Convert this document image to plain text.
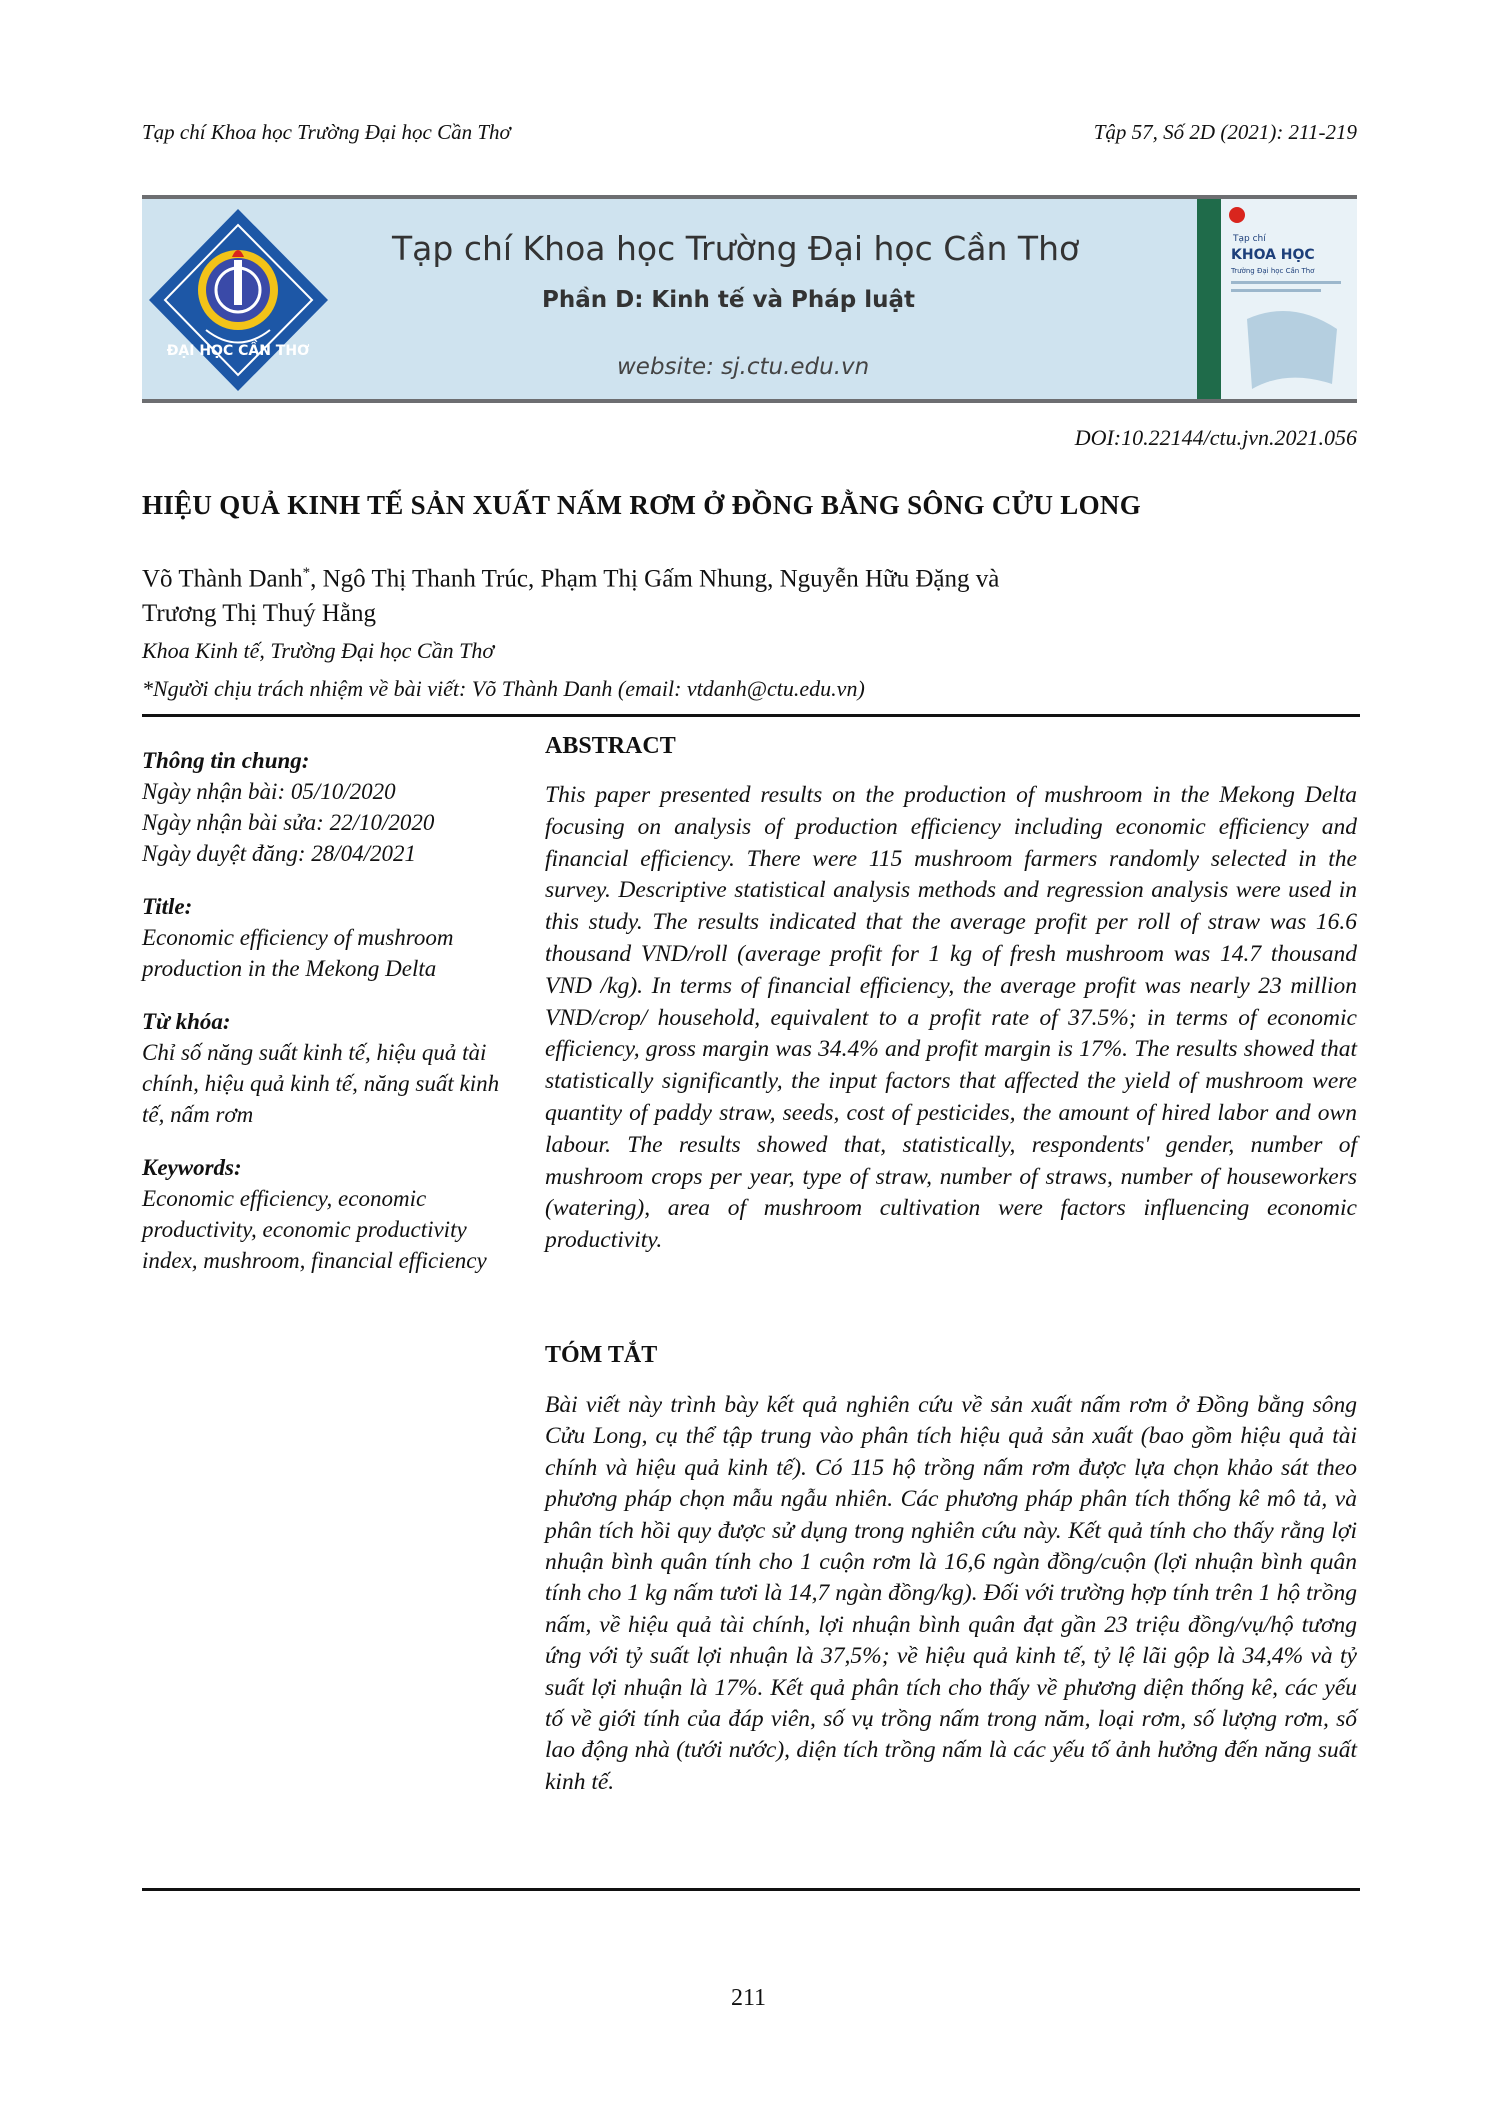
Tạp chí Khoa học Trường Đại học Cần Thơ	Tập 57, Số 2D (2021): 211-219
ĐẠI HỌC CẦN THƠ
Tạp chí Khoa học Trường Đại học Cần Thơ
Phần D: Kinh tế và Pháp luật
website: sj.ctu.edu.vn
Tạp chí
KHOA HỌC
Trường Đại học Cần Thơ
DOI:10.22144/ctu.jvn.2021.056
HIỆU QUẢ KINH TẾ SẢN XUẤT NẤM RƠM Ở ĐỒNG BẰNG SÔNG CỬU LONG
Võ Thành Danh*, Ngô Thị Thanh Trúc, Phạm Thị Gấm Nhung, Nguyễn Hữu Đặng và
Trương Thị Thuý Hằng
Khoa Kinh tế, Trường Đại học Cần Thơ
*Người chịu trách nhiệm về bài viết: Võ Thành Danh (email: vtdanh@ctu.edu.vn)

Thông tin chung:

Ngày nhận bài: 05/10/2020

Ngày nhận bài sửa: 22/10/2020

Ngày duyệt đăng: 28/04/2021

Title:

Economic efficiency of mushroom production in the Mekong Delta

Từ khóa:

Chỉ số năng suất kinh tế, hiệu quả tài chính, hiệu quả kinh tế, năng suất kinh tế, nấm rơm

Keywords:

Economic efficiency, economic productivity, economic productivity index, mushroom, financial efficiency

ABSTRACT
This paper presented results on the production of mushroom in the Mekong Delta focusing on analysis of production efficiency including economic efficiency and financial efficiency. There were 115 mushroom farmers randomly selected in the survey. Descriptive statistical analysis methods and regression analysis were used in this study. The results indicated that the average profit per roll of straw was 16.6 thousand VND/roll (average profit for 1 kg of fresh mushroom was 14.7 thousand VND /kg). In terms of financial efficiency, the average profit was nearly 23 million VND/crop/ household, equivalent to a profit rate of 37.5%; in terms of economic efficiency, gross margin was 34.4% and profit margin is 17%. The results showed that statistically significantly, the input factors that affected the yield of mushroom were quantity of paddy straw, seeds, cost of pesticides, the amount of hired labor and own labour. The results showed that, statistically, respondents' gender, number of mushroom crops per year, type of straw, number of straws, number of houseworkers (watering), area of mushroom cultivation were factors influencing economic productivity.
TÓM TẮT
Bài viết này trình bày kết quả nghiên cứu về sản xuất nấm rơm ở Đồng bằng sông Cửu Long, cụ thể tập trung vào phân tích hiệu quả sản xuất (bao gồm hiệu quả tài chính và hiệu quả kinh tế). Có 115 hộ trồng nấm rơm được lựa chọn khảo sát theo phương pháp chọn mẫu ngẫu nhiên. Các phương pháp phân tích thống kê mô tả, và phân tích hồi quy được sử dụng trong nghiên cứu này. Kết quả tính cho thấy rằng lợi nhuận bình quân tính cho 1 cuộn rơm là 16,6 ngàn đồng/cuộn (lợi nhuận bình quân tính cho 1 kg nấm tươi là 14,7 ngàn đồng/kg). Đối với trường hợp tính trên 1 hộ trồng nấm, về hiệu quả tài chính, lợi nhuận bình quân đạt gần 23 triệu đồng/vụ/hộ tương ứng với tỷ suất lợi nhuận là 37,5%; về hiệu quả kinh tế, tỷ lệ lãi gộp là 34,4% và tỷ suất lợi nhuận là 17%. Kết quả phân tích cho thấy về phương diện thống kê, các yếu tố về giới tính của đáp viên, số vụ trồng nấm trong năm, loại rơm, số lượng rơm, số lao động nhà (tưới nước), diện tích trồng nấm là các yếu tố ảnh hưởng đến năng suất kinh tế.
211
